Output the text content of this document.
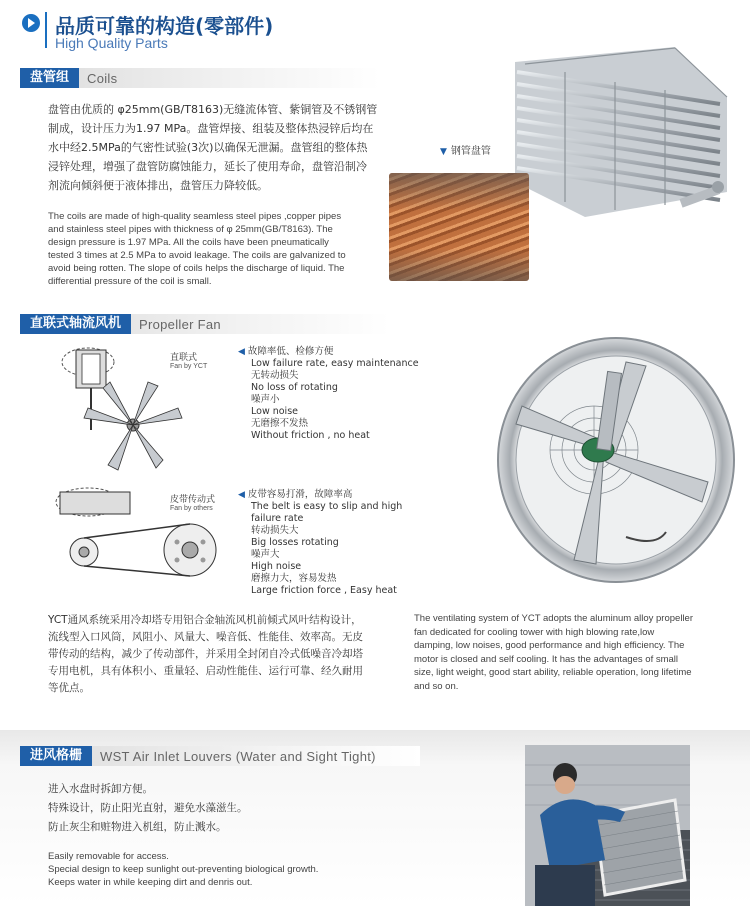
品质可靠的构造(零部件)
High Quality Parts
盘管组	Coils
盘管由优质的 φ25mm(GB/T8163)无缝流体管、紫铜管及不锈钢管
制成，设计压力为1.97 MPa。盘管焊接、组装及整体热浸锌后均在
水中经2.5MPa的气密性试验(3次)以确保无泄漏。盘管组的整体热
浸锌处理，增强了盘管防腐蚀能力，延长了使用寿命，盘管沿制冷
剂流向倾斜便于液体排出，盘管压力降较低。
The coils are made of high-quality seamless steel pipes ,copper pipes
and stainless steel pipes with thickness of φ 25mm(GB/T8163). The
design pressure is 1.97 MPa. All the coils have been pneumatically
tested 3 times at 2.5 MPa to avoid leakage. The coils are galvanized to
avoid being rotten. The slope of coils helps the discharge of liquid. The
differential pressure of the coil is small.
▼ 钢管盘管
直联式轴流风机	Propeller Fan
直联式
Fan by YCT
◀ 故障率低、检修方便
Low failure rate, easy maintenance
无转动损失
No loss of rotating
噪声小
Low noise
无磨擦不发热
Without friction , no heat
皮带传动式
Fan by others
◀ 皮带容易打滑，故障率高
The belt is easy to slip and high
failure rate
转动损失大
Big losses rotating
噪声大
High noise
磨擦力大，容易发热
Large friction force , Easy heat
YCT通风系统采用冷却塔专用铝合金轴流风机前倾式风叶结构设计，
流线型入口风筒，风阻小、风量大、噪音低、性能佳、效率高。无皮
带传动的结构，减少了传动部件，并采用全封闭自冷式低噪音冷却塔
专用电机，具有体积小、重量轻、启动性能佳、运行可靠、经久耐用
等优点。
The ventilating system of YCT adopts the aluminum alloy propeller
fan dedicated for cooling tower with high blowing rate,low
damping, low noises, good performance and high efficiency. The
motor is closed and self cooling. It has the advantages of small
size, light weight, good start ability, reliable operation, long lifetime
and so on.
进风格栅	WST Air Inlet Louvers (Water and Sight Tight)
进入水盘时拆卸方便。
特殊设计，防止阳光直射，避免水藻滋生。
防止灰尘和赃物进入机组，防止溅水。
Easily removable for access.
Special design to keep sunlight out-preventing biological growth.
Keeps water in while keeping dirt and denris out.
